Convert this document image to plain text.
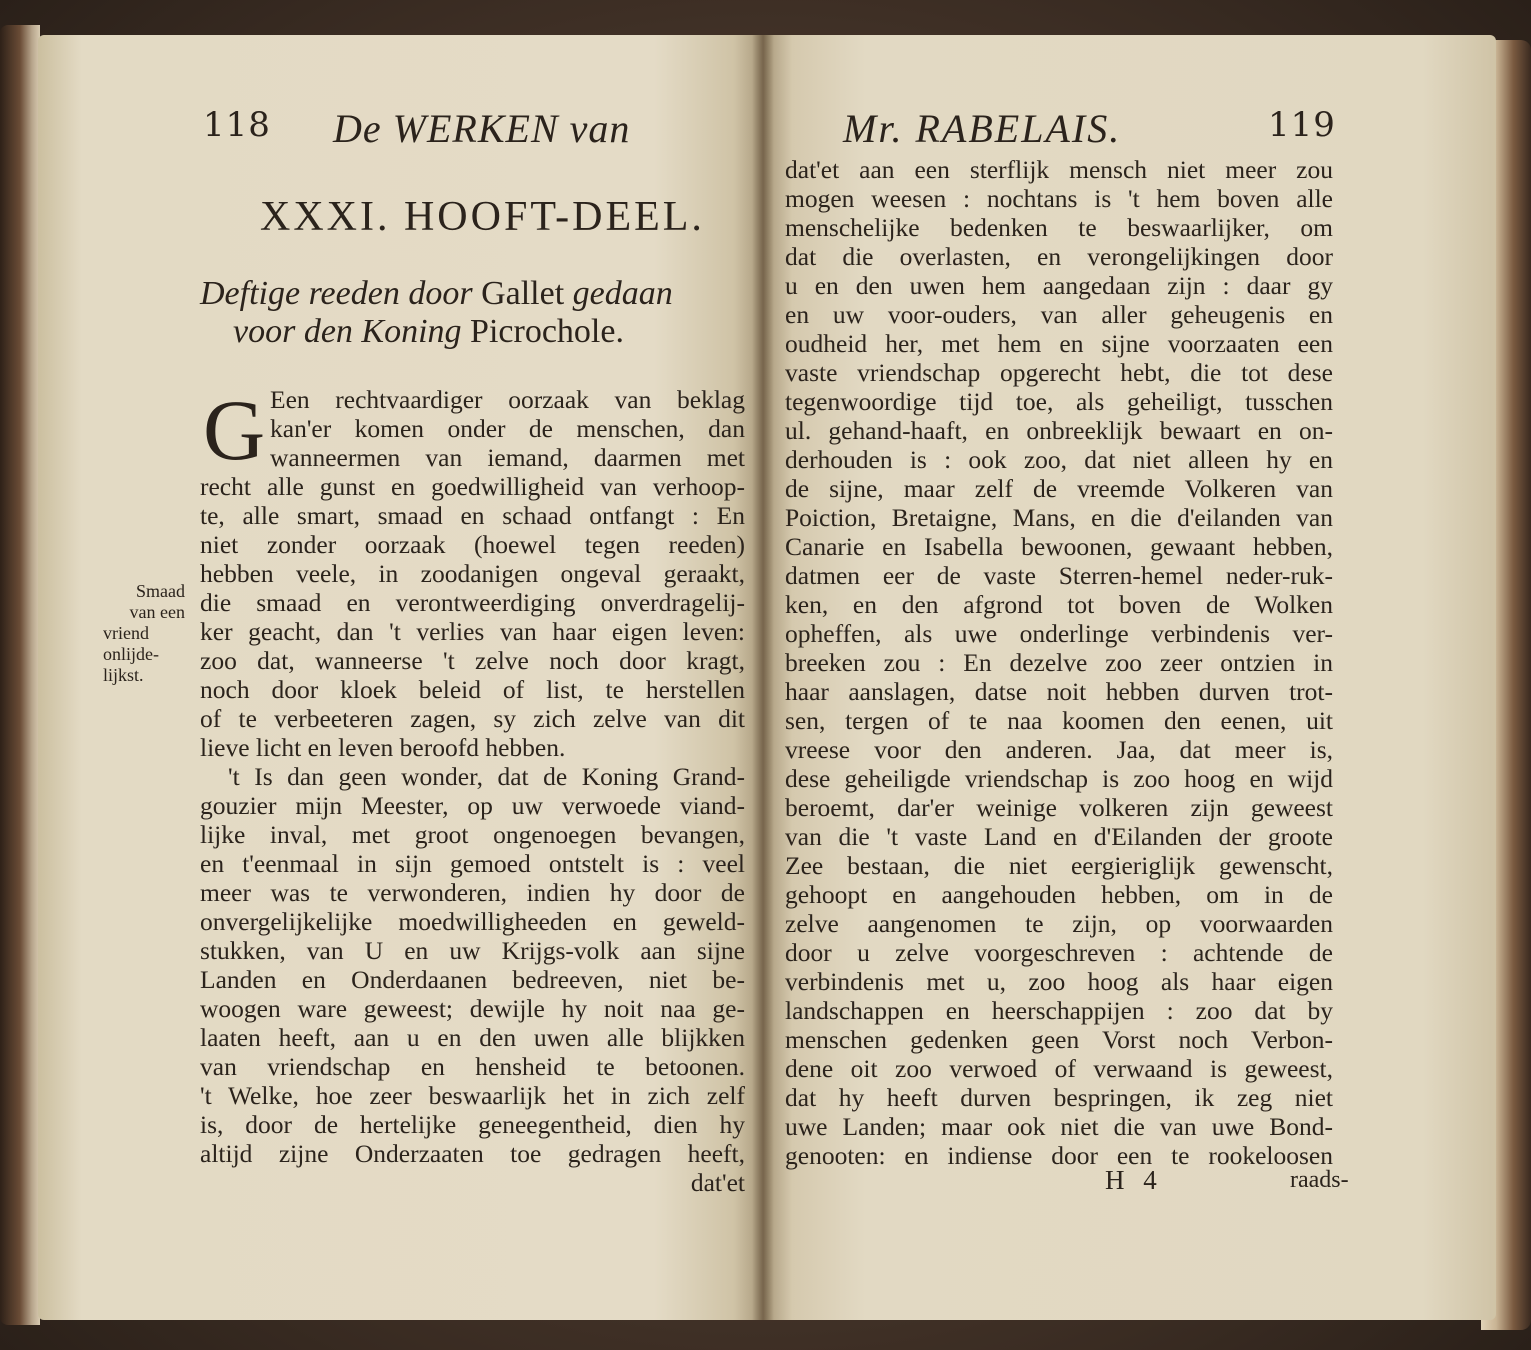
118 De WERKEN van
XXXI. HOOFT-DEEL.
Deftige reeden door Gallet gedaan
voor den Koning Picrochole.
G
Smaad
van een
vriend
onlijde-
lijkst.
Een rechtvaardiger oorzaak van beklag
kan'er komen onder de menschen, dan
wanneermen van iemand, daarmen met
recht alle gunst en goedwilligheid van verhoop-
te, alle smart, smaad en schaad ontfangt : En
niet zonder oorzaak (hoewel tegen reeden)
hebben veele, in zoodanigen ongeval geraakt,
die smaad en verontweerdiging onverdragelij-
ker geacht, dan 't verlies van haar eigen leven:
zoo dat, wanneerse 't zelve noch door kragt,
noch door kloek beleid of list, te herstellen
of te verbeeteren zagen, sy zich zelve van dit
lieve licht en leven beroofd hebben.
't Is dan geen wonder, dat de Koning Grand-
gouzier mijn Meester, op uw verwoede viand-
lijke inval, met groot ongenoegen bevangen,
en t'eenmaal in sijn gemoed ontstelt is : veel
meer was te verwonderen, indien hy door de
onvergelijkelijke moedwilligheeden en geweld-
stukken, van U en uw Krijgs-volk aan sijne
Landen en Onderdaanen bedreeven, niet be-
woogen ware geweest; dewijle hy noit naa ge-
laaten heeft, aan u en den uwen alle blijkken
van vriendschap en hensheid te betoonen.
't Welke, hoe zeer beswaarlijk het in zich zelf
is, door de hertelijke geneegentheid, dien hy
altijd zijne Onderzaaten toe gedragen heeft,
dat'et
Mr. RABELAIS.	119
dat'et aan een sterflijk mensch niet meer zou
mogen weesen : nochtans is 't hem boven alle
menschelijke bedenken te beswaarlijker, om
dat die overlasten, en verongelijkingen door
u en den uwen hem aangedaan zijn : daar gy
en uw voor-ouders, van aller geheugenis en
oudheid her, met hem en sijne voorzaaten een
vaste vriendschap opgerecht hebt, die tot dese
tegenwoordige tijd toe, als geheiligt, tusschen
ul. gehand-haaft, en onbreeklijk bewaart en on-
derhouden is : ook zoo, dat niet alleen hy en
de sijne, maar zelf de vreemde Volkeren van
Poiction, Bretaigne, Mans, en die d'eilanden van
Canarie en Isabella bewoonen, gewaant hebben,
datmen eer de vaste Sterren-hemel neder-ruk-
ken, en den afgrond tot boven de Wolken
opheffen, als uwe onderlinge verbindenis ver-
breeken zou : En dezelve zoo zeer ontzien in
haar aanslagen, datse noit hebben durven trot-
sen, tergen of te naa koomen den eenen, uit
vreese voor den anderen. Jaa, dat meer is,
dese geheiligde vriendschap is zoo hoog en wijd
beroemt, dar'er weinige volkeren zijn geweest
van die 't vaste Land en d'Eilanden der groote
Zee bestaan, die niet eergieriglijk gewenscht,
gehoopt en aangehouden hebben, om in de
zelve aangenomen te zijn, op voorwaarden
door u zelve voorgeschreven : achtende de
verbindenis met u, zoo hoog als haar eigen
landschappen en heerschappijen : zoo dat by
menschen gedenken geen Vorst noch Verbon-
dene oit zoo verwoed of verwaand is geweest,
dat hy heeft durven bespringen, ik zeg niet
uwe Landen; maar ook niet die van uwe Bond-
genooten: en indiense door een te rookeloosen
H 4	raads-
